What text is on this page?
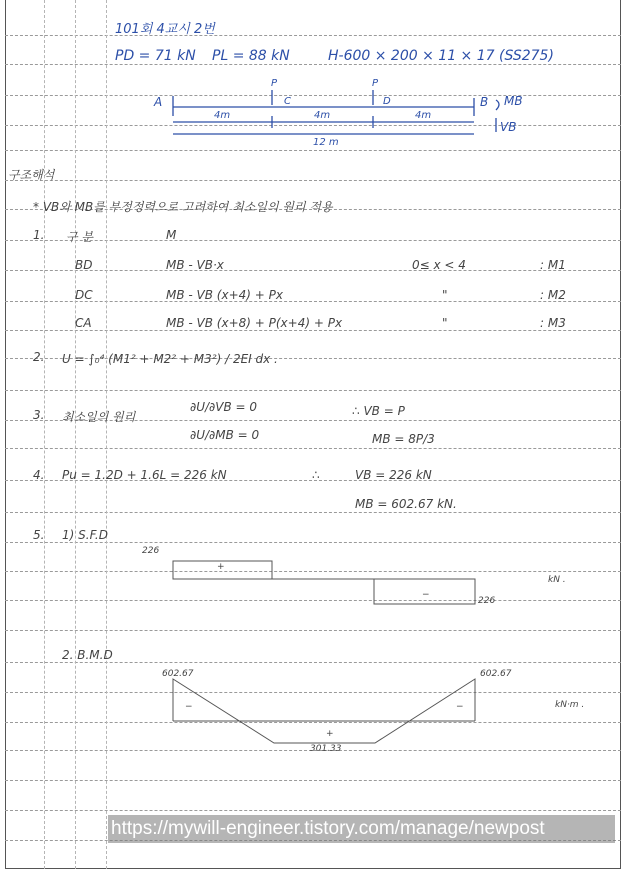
101회 4교시 2번
PD = 71 kN PL = 88 kN	H-600 × 200 × 11 × 17 (SS275)
A	B
C	D
P	P
MB
VB
4m	4m	4m
12 m
구조해석
* VB와 MB를 부정정력으로 고려하여 최소일의 원리 적용
1. 구 분	M
BD	MB - VB·x	0≤ x < 4	: M1
DC	MB - VB (x+4) + Px	"	: M2
CA	MB - VB (x+8) + P(x+4) + Px	"	: M3
2. U = ∫₀⁴ (M1² + M2² + M3²) / 2EI dx .
3. 최소일의 원리
∂U/∂VB = 0
∂U/∂MB = 0
∴ VB = P
MB = 8P/3
4. Pu = 1.2D + 1.6L = 226 kN	∴	VB = 226 kN
MB = 602.67 kN.
5. 1) S.F.D
2. B.M.D
226
+
−
226
kN .
602.67	602.67
301.33
+
−	−	kN·m .
https://mywill-engineer.tistory.com/manage/newpost
